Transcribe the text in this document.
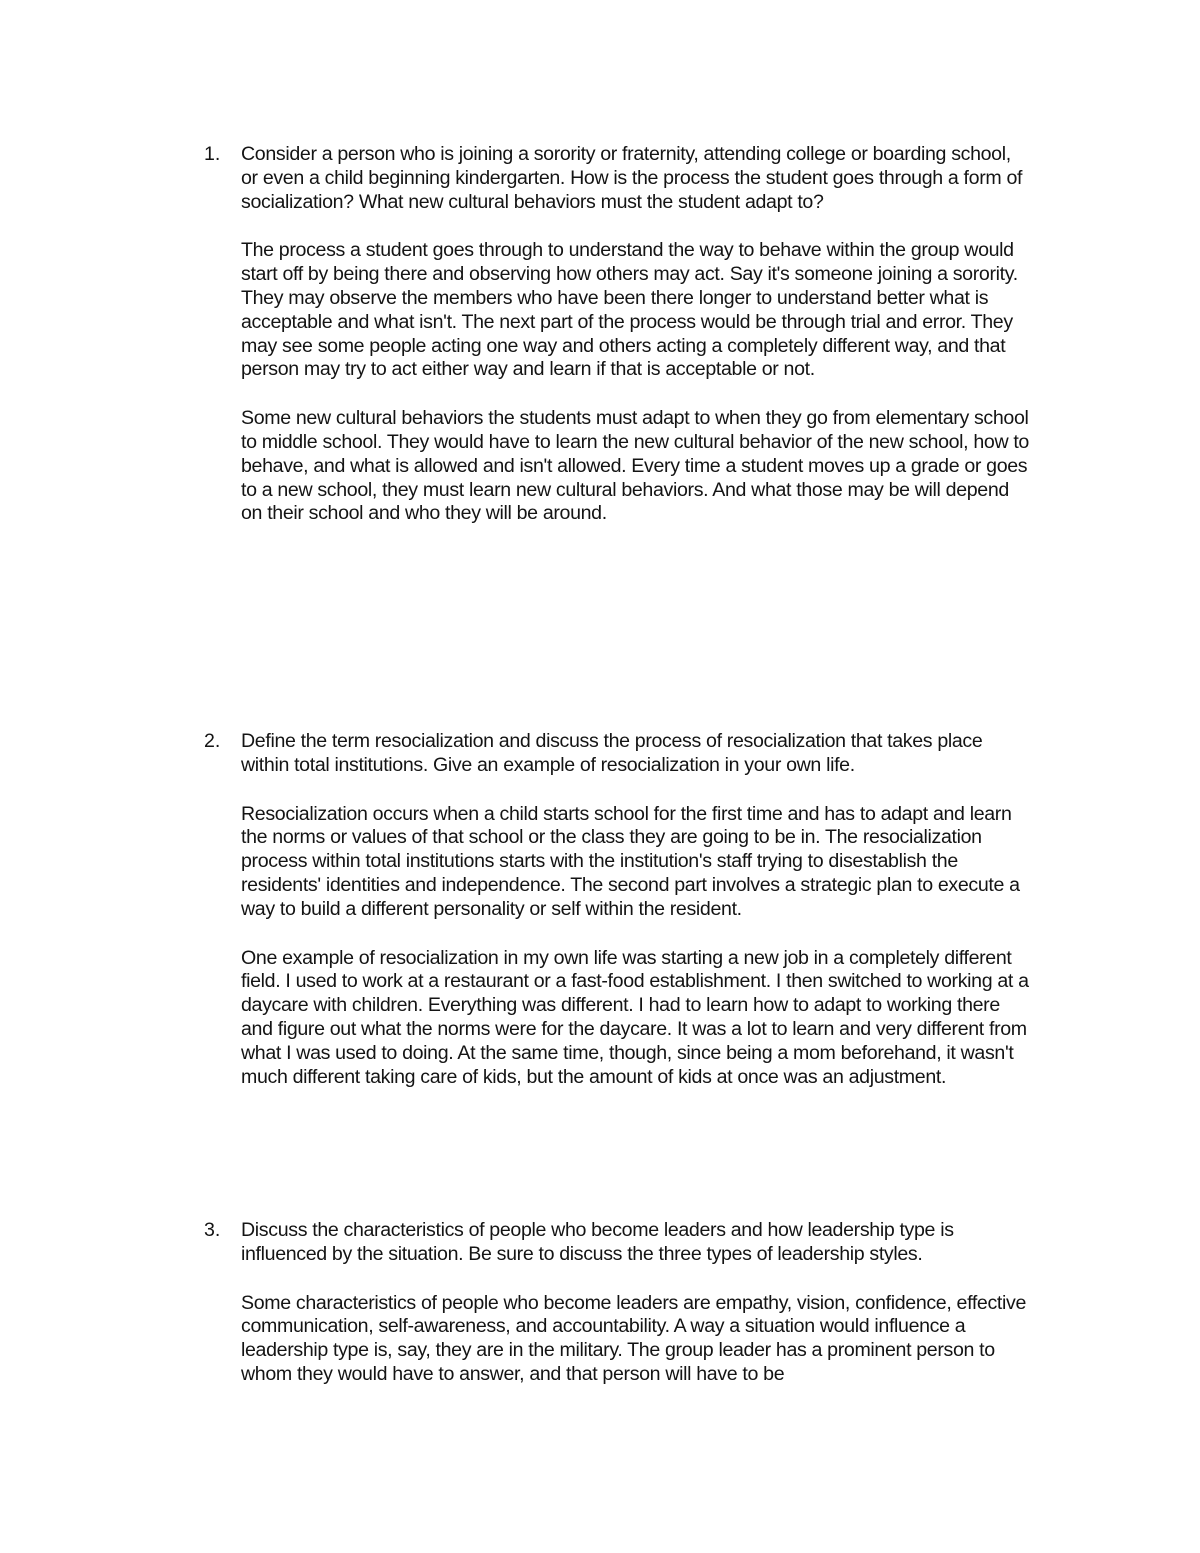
1.	Consider a person who is joining a sorority or fraternity, attending college or boarding school, or even a child beginning kindergarten. How is the process the student goes through a form of socialization? What new cultural behaviors must the student adapt to?

The process a student goes through to understand the way to behave within the group would start off by being there and observing how others may act. Say it's someone joining a sorority. They may observe the members who have been there longer to understand better what is acceptable and what isn't. The next part of the process would be through trial and error. They may see some people acting one way and others acting a completely different way, and that person may try to act either way and learn if that is acceptable or not.

Some new cultural behaviors the students must adapt to when they go from elementary school to middle school. They would have to learn the new cultural behavior of the new school, how to behave, and what is allowed and isn't allowed. Every time a student moves up a grade or goes to a new school, they must learn new cultural behaviors. And what those may be will depend on their school and who they will be around.

2.	Define the term resocialization and discuss the process of resocialization that takes place within total institutions. Give an example of resocialization in your own life.

Resocialization occurs when a child starts school for the first time and has to adapt and learn the norms or values of that school or the class they are going to be in. The resocialization process within total institutions starts with the institution's staff trying to disestablish the residents' identities and independence. The second part involves a strategic plan to execute a way to build a different personality or self within the resident.

One example of resocialization in my own life was starting a new job in a completely different field. I used to work at a restaurant or a fast-food establishment. I then switched to working at a daycare with children. Everything was different. I had to learn how to adapt to working there and figure out what the norms were for the daycare. It was a lot to learn and very different from what I was used to doing. At the same time, though, since being a mom beforehand, it wasn't much different taking care of kids, but the amount of kids at once was an adjustment.

3.	Discuss the characteristics of people who become leaders and how leadership type is influenced by the situation. Be sure to discuss the three types of leadership styles.

Some characteristics of people who become leaders are empathy, vision, confidence, effective communication, self-awareness, and accountability. A way a situation would influence a leadership type is, say, they are in the military. The group leader has a prominent person to whom they would have to answer, and that person will have to be
